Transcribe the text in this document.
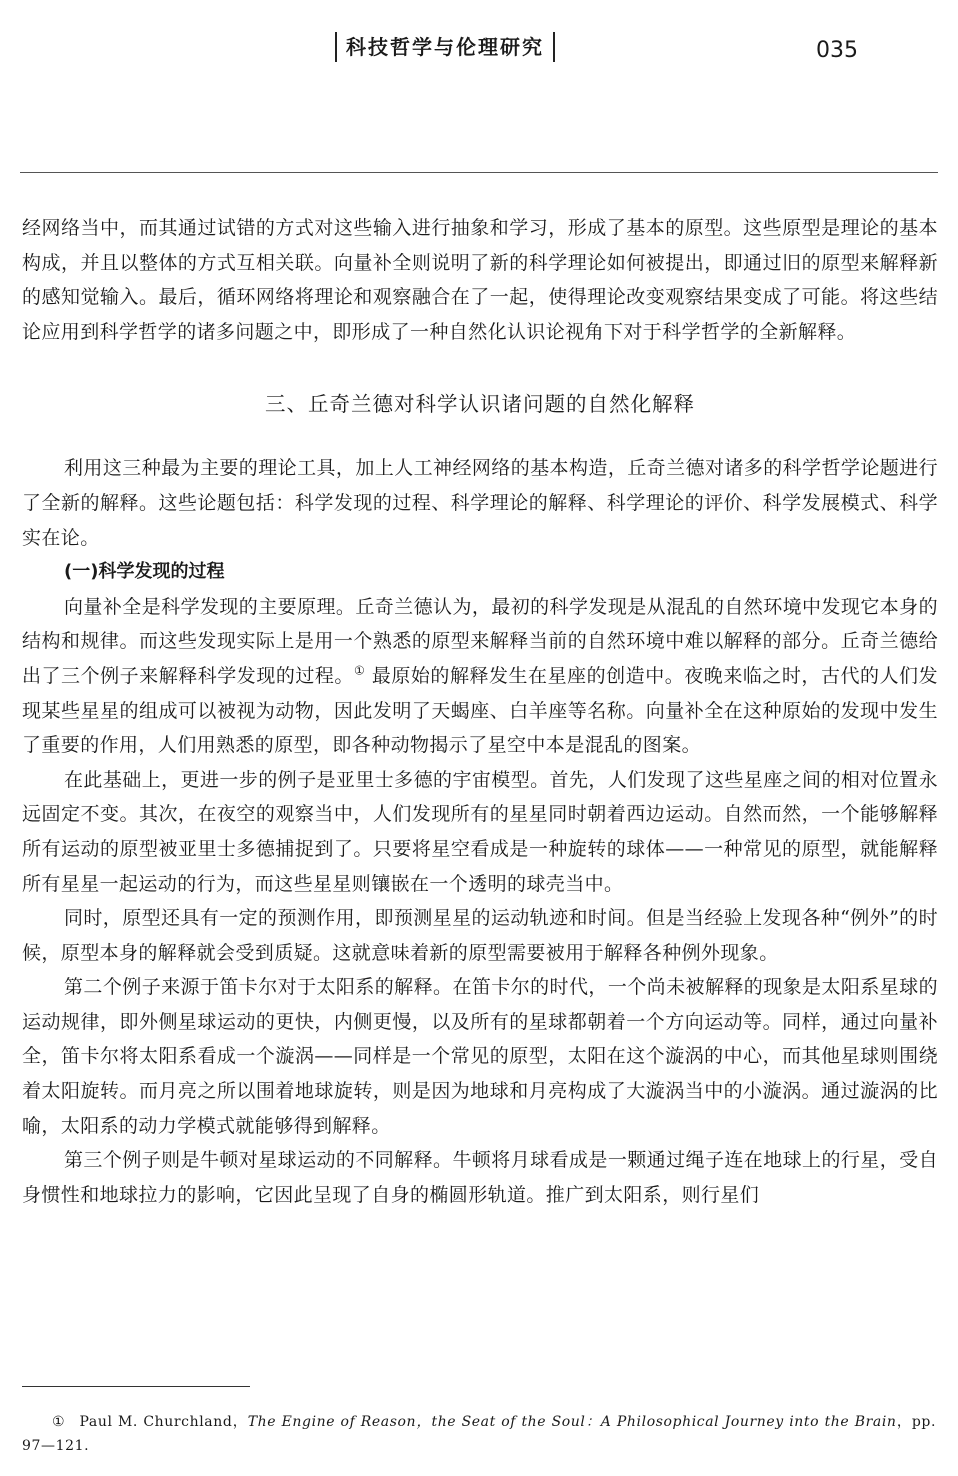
科技哲学与伦理研究	035

经网络当中，而其通过试错的方式对这些输入进行抽象和学习，形成了基本的原型。这些原型是理论的基本构成，并且以整体的方式互相关联。向量补全则说明了新的科学理论如何被提出，即通过旧的原型来解释新的感知觉输入。最后，循环网络将理论和观察融合在了一起，使得理论改变观察结果变成了可能。将这些结论应用到科学哲学的诸多问题之中，即形成了一种自然化认识论视角下对于科学哲学的全新解释。

三、丘奇兰德对科学认识诸问题的自然化解释

利用这三种最为主要的理论工具，加上人工神经网络的基本构造，丘奇兰德对诸多的科学哲学论题进行了全新的解释。这些论题包括：科学发现的过程、科学理论的解释、科学理论的评价、科学发展模式、科学实在论。

(一)科学发现的过程

向量补全是科学发现的主要原理。丘奇兰德认为，最初的科学发现是从混乱的自然环境中发现它本身的结构和规律。而这些发现实际上是用一个熟悉的原型来解释当前的自然环境中难以解释的部分。丘奇兰德给出了三个例子来解释科学发现的过程。① 最原始的解释发生在星座的创造中。夜晚来临之时，古代的人们发现某些星星的组成可以被视为动物，因此发明了天蝎座、白羊座等名称。向量补全在这种原始的发现中发生了重要的作用，人们用熟悉的原型，即各种动物揭示了星空中本是混乱的图案。

在此基础上，更进一步的例子是亚里士多德的宇宙模型。首先，人们发现了这些星座之间的相对位置永远固定不变。其次，在夜空的观察当中，人们发现所有的星星同时朝着西边运动。自然而然，一个能够解释所有运动的原型被亚里士多德捕捉到了。只要将星空看成是一种旋转的球体——一种常见的原型，就能解释所有星星一起运动的行为，而这些星星则镶嵌在一个透明的球壳当中。

同时，原型还具有一定的预测作用，即预测星星的运动轨迹和时间。但是当经验上发现各种“例外”的时候，原型本身的解释就会受到质疑。这就意味着新的原型需要被用于解释各种例外现象。

第二个例子来源于笛卡尔对于太阳系的解释。在笛卡尔的时代，一个尚未被解释的现象是太阳系星球的运动规律，即外侧星球运动的更快，内侧更慢，以及所有的星球都朝着一个方向运动等。同样，通过向量补全，笛卡尔将太阳系看成一个漩涡——同样是一个常见的原型，太阳在这个漩涡的中心，而其他星球则围绕着太阳旋转。而月亮之所以围着地球旋转，则是因为地球和月亮构成了大漩涡当中的小漩涡。通过漩涡的比喻，太阳系的动力学模式就能够得到解释。

第三个例子则是牛顿对星球运动的不同解释。牛顿将月球看成是一颗通过绳子连在地球上的行星，受自身惯性和地球拉力的影响，它因此呈现了自身的椭圆形轨道。推广到太阳系，则行星们

① Paul M. Churchland，The Engine of Reason，the Seat of the Soul：A Philosophical Journey into the Brain，pp. 97—121.
